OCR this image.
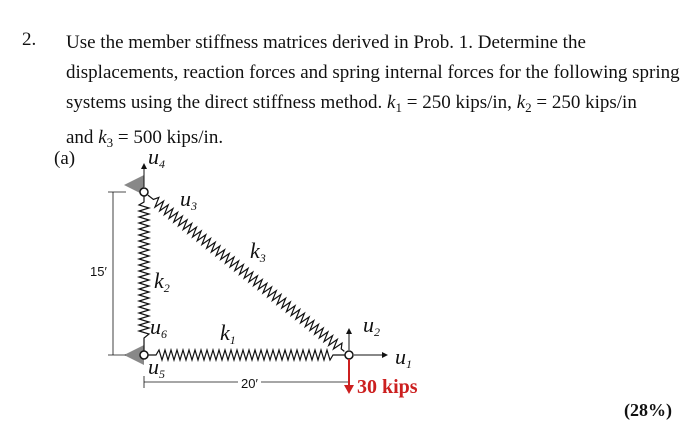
2. Use the member stiffness matrices derived in Prob. 1. Determine the

displacements, reaction forces and spring internal forces for the following spring

systems using the direct stiffness method. $k_1 = 250$ kips/in, $k_2 = 250$ kips/in

and $k_3 = 500$ kips/in.

(a)	u4
u3
k3
k2
u6 k1
u2
u1
u5
15′
20′	30 kips
(28%)
